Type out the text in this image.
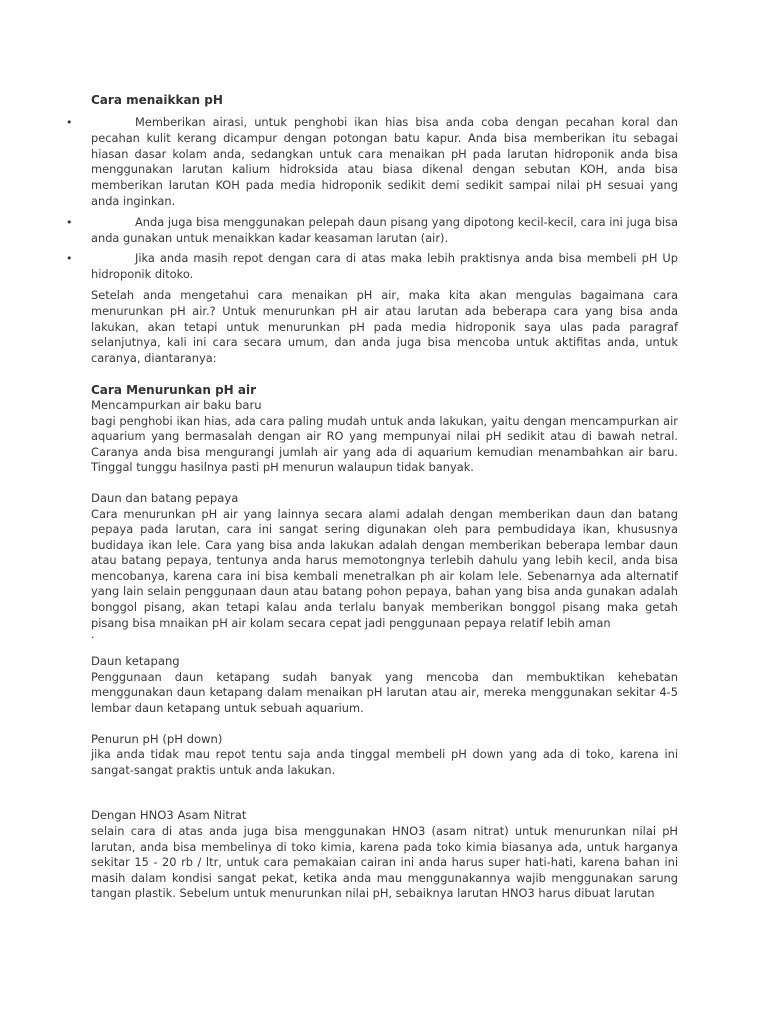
Cara menaikkan pH
•	Memberikan airasi, untuk penghobi ikan hias bisa anda coba dengan pecahan koral dan pecahan kulit kerang dicampur dengan potongan batu kapur. Anda bisa memberikan itu sebagai hiasan dasar kolam anda, sedangkan untuk cara menaikan pH pada larutan hidroponik anda bisa menggunakan larutan kalium hidroksida atau biasa dikenal dengan sebutan KOH, anda bisa memberikan larutan KOH pada media hidroponik sedikit demi sedikit sampai nilai pH sesuai yang anda inginkan.
•	Anda juga bisa menggunakan pelepah daun pisang yang dipotong kecil-kecil, cara ini juga bisa anda gunakan untuk menaikkan kadar keasaman larutan (air).
•	Jika anda masih repot dengan cara di atas maka lebih praktisnya anda bisa membeli pH Up hidroponik ditoko.

Setelah anda mengetahui cara menaikan pH air, maka kita akan mengulas bagaimana cara menurunkan pH air.? Untuk menurunkan pH air atau larutan ada beberapa cara yang bisa anda lakukan, akan tetapi untuk menurunkan pH pada media hidroponik saya ulas pada paragraf selanjutnya, kali ini cara secara umum, dan anda juga bisa mencoba untuk aktifitas anda, untuk caranya, diantaranya:

Cara Menurunkan pH air
Mencampurkan air baku baru
bagi penghobi ikan hias, ada cara paling mudah untuk anda lakukan, yaitu dengan mencampurkan air aquarium yang bermasalah dengan air RO yang mempunyai nilai pH sedikit atau di bawah netral. Caranya anda bisa mengurangi jumlah air yang ada di aquarium kemudian menambahkan air baru. Tinggal tunggu hasilnya pasti pH menurun walaupun tidak banyak.
Daun dan batang pepaya
Cara menurunkan pH air yang lainnya secara alami adalah dengan memberikan daun dan batang pepaya pada larutan, cara ini sangat sering digunakan oleh para pembudidaya ikan, khususnya budidaya ikan lele. Cara yang bisa anda lakukan adalah dengan memberikan beberapa lembar daun atau batang pepaya, tentunya anda harus memotongnya terlebih dahulu yang lebih kecil, anda bisa mencobanya, karena cara ini bisa kembali menetralkan ph air kolam lele. Sebenarnya ada alternatif yang lain selain penggunaan daun atau batang pohon pepaya, bahan yang bisa anda gunakan adalah bonggol pisang, akan tetapi kalau anda terlalu banyak memberikan bonggol pisang maka getah pisang bisa mnaikan pH air kolam secara cepat jadi penggunaan pepaya relatif lebih aman
.
Daun ketapang
Penggunaan daun ketapang sudah banyak yang mencoba dan membuktikan kehebatan menggunakan daun ketapang dalam menaikan pH larutan atau air, mereka menggunakan sekitar 4-5 lembar daun ketapang untuk sebuah aquarium.
Penurun pH (pH down)
jika anda tidak mau repot tentu saja anda tinggal membeli pH down yang ada di toko, karena ini sangat-sangat praktis untuk anda lakukan.
Dengan HNO3 Asam Nitrat
selain cara di atas anda juga bisa menggunakan HNO3 (asam nitrat) untuk menurunkan nilai pH larutan, anda bisa membelinya di toko kimia, karena pada toko kimia biasanya ada, untuk harganya sekitar 15 - 20 rb / ltr, untuk cara pemakaian cairan ini anda harus super hati-hati, karena bahan ini masih dalam kondisi sangat pekat, ketika anda mau menggunakannya wajib menggunakan sarung tangan plastik. Sebelum untuk menurunkan nilai pH, sebaiknya larutan HNO3 harus dibuat larutan
